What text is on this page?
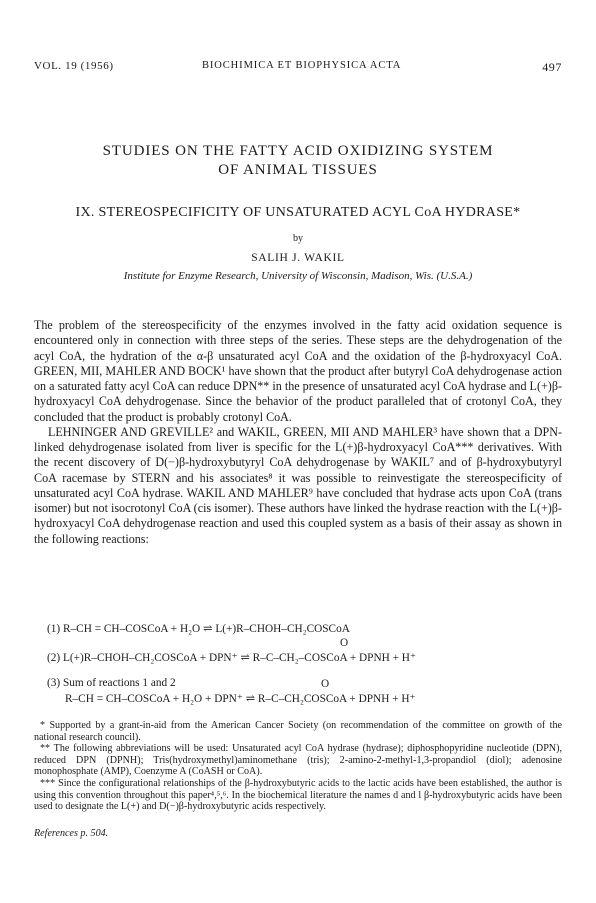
VOL. 19 (1956)	BIOCHIMICA ET BIOPHYSICA ACTA	497
STUDIES ON THE FATTY ACID OXIDIZING SYSTEM
OF ANIMAL TISSUES
IX. STEREOSPECIFICITY OF UNSATURATED ACYL CoA HYDRASE*
by
SALIH J. WAKIL
Institute for Enzyme Research, University of Wisconsin, Madison, Wis. (U.S.A.)

The problem of the stereospecificity of the enzymes involved in the fatty acid oxidation sequence is encountered only in connection with three steps of the series. These steps are the dehydrogenation of the acyl CoA, the hydration of the α-β unsaturated acyl CoA and the oxidation of the β-hydroxyacyl CoA. GREEN, MII, MAHLER AND BOCK¹ have shown that the product after butyryl CoA dehydrogenase action on a saturated fatty acyl CoA can reduce DPN** in the presence of unsaturated acyl CoA hydrase and L(+)β-hydroxyacyl CoA dehydrogenase. Since the behavior of the product paralleled that of crotonyl CoA, they concluded that the product is probably crotonyl CoA.

LEHNINGER AND GREVILLE² and WAKIL, GREEN, MII AND MAHLER³ have shown that a DPN-linked dehydrogenase isolated from liver is specific for the L(+)β-hydroxyacyl CoA*** derivatives. With the recent discovery of D(−)β-hydroxybutyryl CoA dehydrogenase by WAKIL⁷ and of β-hydroxybutyryl CoA racemase by STERN and his associates⁸ it was possible to reinvestigate the stereospecificity of unsaturated acyl CoA hydrase. WAKIL AND MAHLER⁹ have concluded that hydrase acts upon CoA (trans isomer) but not isocrotonyl CoA (cis isomer). These authors have linked the hydrase reaction with the L(+)β-hydroxyacyl CoA dehydrogenase reaction and used this coupled system as a basis of their assay as shown in the following reactions:

(1) R–CH = CH–COSCoA + H₂O ⇌ L(+)R–CHOH–CH₂COSCoA
O
(2) L(+)R–CHOH–CH₂COSCoA + DPN⁺ ⇌ R–C–CH₂–COSCoA + DPNH + H⁺
(3) Sum of reactions 1 and 2	O
R–CH = CH–COSCoA + H₂O + DPN⁺ ⇌ R–C–CH₂COSCoA + DPNH + H⁺

* Supported by a grant-in-aid from the American Cancer Society (on recommendation of the committee on growth of the national research council).

** The following abbreviations will be used: Unsaturated acyl CoA hydrase (hydrase); diphosphopyridine nucleotide (DPN), reduced DPN (DPNH); Tris(hydroxymethyl)aminomethane (tris); 2-amino-2-methyl-1,3-propandiol (diol); adenosine monophosphate (AMP), Coenzyme A (CoASH or CoA).

*** Since the configurational relationships of the β-hydroxybutyric acids to the lactic acids have been established, the author is using this convention throughout this paper⁴,⁵,⁶. In the biochemical literature the names d and l β-hydroxybutyric acids have been used to designate the L(+) and D(−)β-hydroxybutyric acids respectively.

References p. 504.
